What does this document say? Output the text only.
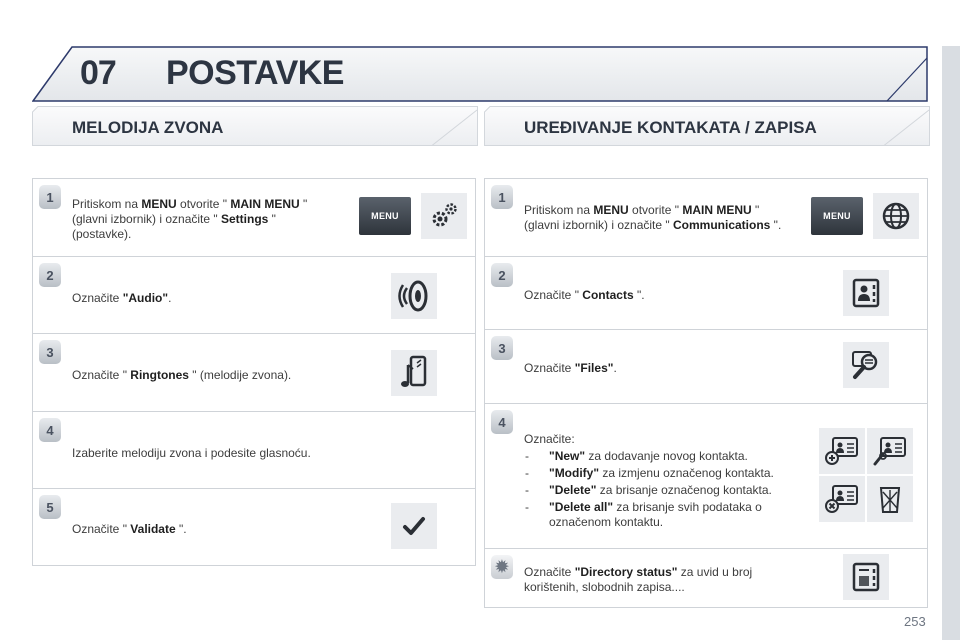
07 POSTAVKE
MELODIJA ZVONA	UREĐIVANJE KONTAKATA / ZAPISA
1	Pritiskom na MENU otvorite " MAIN MENU "
(glavni izbornik) i označite " Settings "
(postavke).
MENU
2
Označite "Audio".
3
Označite " Ringtones " (melodije zvona).
4
Izaberite melodiju zvona i podesite glasnoću.
5
Označite " Validate ".
1
Pritiskom na MENU otvorite " MAIN MENU "
(glavni izbornik) i označite " Communications ".
MENU
2
Označite " Contacts ".
3
Označite "Files".
4
Označite:
- "New" za dodavanje novog kontakta.
- "Modify" za izmjenu označenog kontakta.
- "Delete" za brisanje označenog kontakta.
- "Delete all" za brisanje svih podataka o
označenom kontaktu.
✹	Označite "Directory status" za uvid u broj
korištenih, slobodnih zapisa....
253
